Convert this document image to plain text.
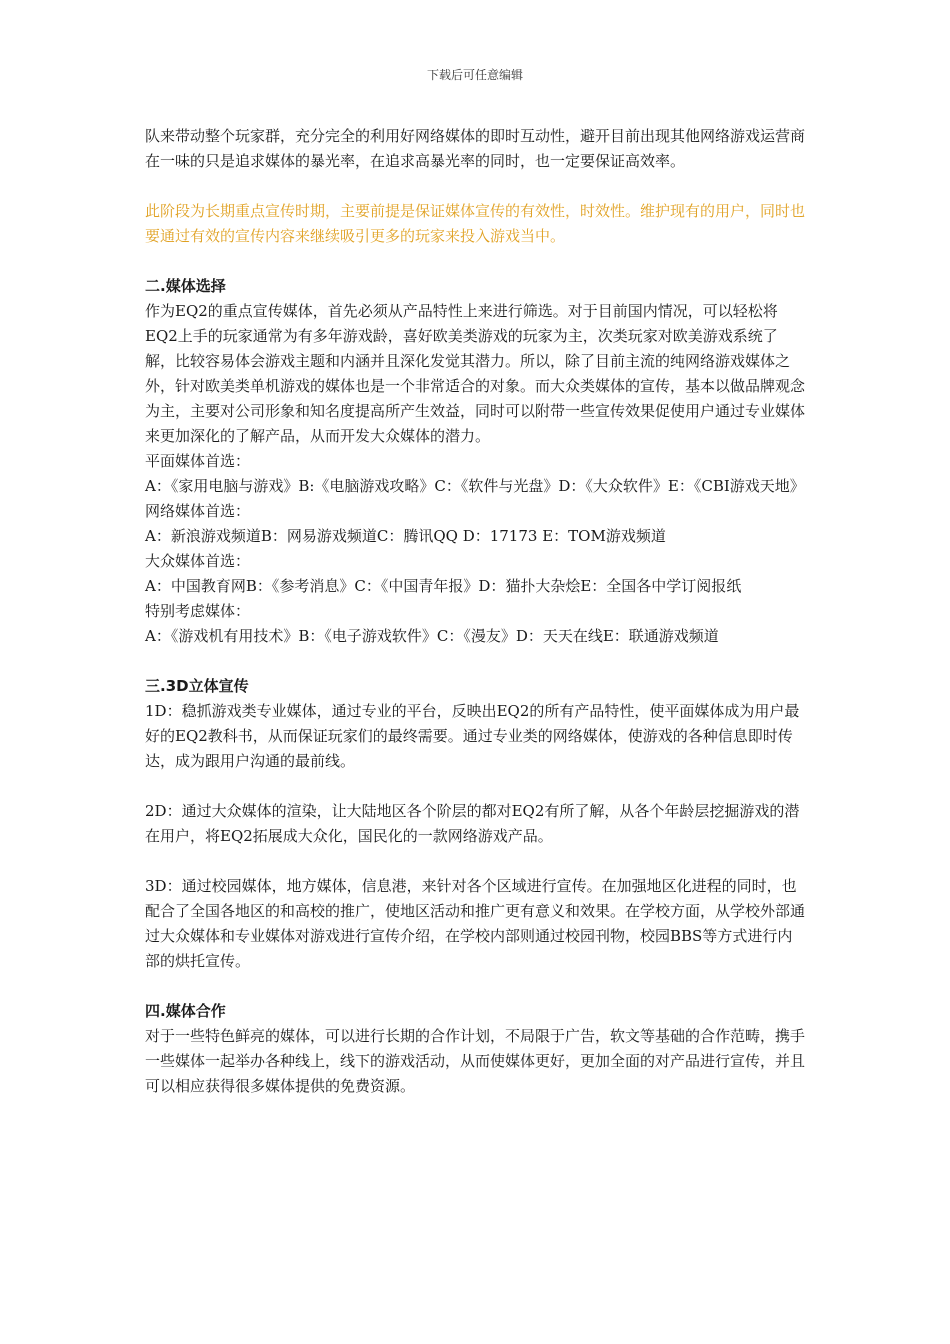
下载后可任意编辑

队来带动整个玩家群，充分完全的利用好网络媒体的即时互动性，避开目前出现其他网络游戏运营商在一味的只是追求媒体的暴光率，在追求高暴光率的同时，也一定要保证高效率。

此阶段为长期重点宣传时期，主要前提是保证媒体宣传的有效性，时效性。维护现有的用户，同时也要通过有效的宣传内容来继续吸引更多的玩家来投入游戏当中。

二.媒体选择

作为EQ2的重点宣传媒体，首先必须从产品特性上来进行筛选。对于目前国内情况，可以轻松将EQ2上手的玩家通常为有多年游戏龄，喜好欧美类游戏的玩家为主，次类玩家对欧美游戏系统了解，比较容易体会游戏主题和内涵并且深化发觉其潜力。所以，除了目前主流的纯网络游戏媒体之外，针对欧美类单机游戏的媒体也是一个非常适合的对象。而大众类媒体的宣传，基本以做品牌观念为主，主要对公司形象和知名度提高所产生效益，同时可以附带一些宣传效果促使用户通过专业媒体来更加深化的了解产品，从而开发大众媒体的潜力。

平面媒体首选：

A：《家用电脑与游戏》B:《电脑游戏攻略》C：《软件与光盘》D：《大众软件》E：《CBI游戏天地》

网络媒体首选：

A：新浪游戏频道B：网易游戏频道C：腾讯QQ D：17173 E：TOM游戏频道

大众媒体首选：

A：中国教育网B：《参考消息》C：《中国青年报》D：猫扑大杂烩E：全国各中学订阅报纸

特别考虑媒体：

A：《游戏机有用技术》B：《电子游戏软件》C：《漫友》D：天天在线E：联通游戏频道

三.3D立体宣传

1D：稳抓游戏类专业媒体，通过专业的平台，反映出EQ2的所有产品特性，使平面媒体成为用户最好的EQ2教科书，从而保证玩家们的最终需要。通过专业类的网络媒体，使游戏的各种信息即时传达，成为跟用户沟通的最前线。

2D：通过大众媒体的渲染，让大陆地区各个阶层的都对EQ2有所了解，从各个年龄层挖掘游戏的潜在用户，将EQ2拓展成大众化，国民化的一款网络游戏产品。

3D：通过校园媒体，地方媒体，信息港，来针对各个区域进行宣传。在加强地区化进程的同时，也配合了全国各地区的和高校的推广，使地区活动和推广更有意义和效果。在学校方面，从学校外部通过大众媒体和专业媒体对游戏进行宣传介绍，在学校内部则通过校园刊物，校园BBS等方式进行内部的烘托宣传。

四.媒体合作

对于一些特色鲜亮的媒体，可以进行长期的合作计划，不局限于广告，软文等基础的合作范畴，携手一些媒体一起举办各种线上，线下的游戏活动，从而使媒体更好，更加全面的对产品进行宣传，并且可以相应获得很多媒体提供的免费资源。
